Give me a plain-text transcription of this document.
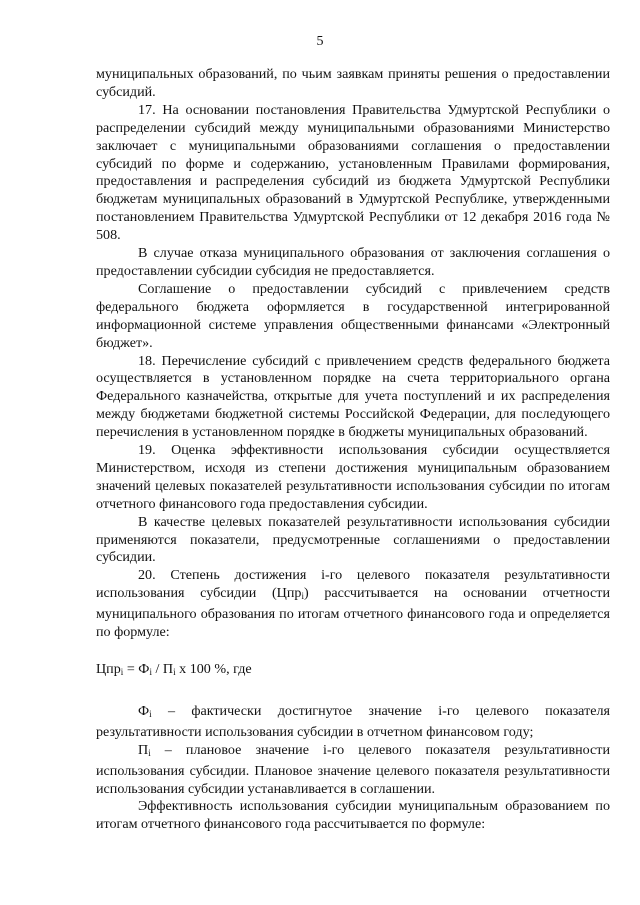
5

муниципальных образований, по чьим заявкам приняты решения о предоставлении субсидий.

17. На основании постановления Правительства Удмуртской Республики о распределении субсидий между муниципальными образованиями Министерство заключает с муниципальными образованиями соглашения о предоставлении субсидий по форме и содержанию, установленным Правилами формирования, предоставления и распределения субсидий из бюджета Удмуртской Республики бюджетам муниципальных образований в Удмуртской Республике, утвержденными постановлением Правительства Удмуртской Республики от 12 декабря 2016 года № 508.

В случае отказа муниципального образования от заключения соглашения о предоставлении субсидии субсидия не предоставляется.

Соглашение о предоставлении субсидий с привлечением средств федерального бюджета оформляется в государственной интегрированной информационной системе управления общественными финансами «Электронный бюджет».

18. Перечисление субсидий с привлечением средств федерального бюджета осуществляется в установленном порядке на счета территориального органа Федерального казначейства, открытые для учета поступлений и их распределения между бюджетами бюджетной системы Российской Федерации, для последующего перечисления в установленном порядке в бюджеты муниципальных образований.

19. Оценка эффективности использования субсидии осуществляется Министерством, исходя из степени достижения муниципальным образованием значений целевых показателей результативности использования субсидии по итогам отчетного финансового года предоставления субсидии.

В качестве целевых показателей результативности использования субсидии применяются показатели, предусмотренные соглашениями о предоставлении субсидии.

20. Степень достижения i-го целевого показателя результативности использования субсидии (Цпр$_i$) рассчитывается на основании отчетности муниципального образования по итогам отчетного финансового года и определяется по формуле:

$Цпр_i = Ф_i / П_i$ x 100 %, где

$Ф_i$ – фактически достигнутое значение i-го целевого показателя результативности использования субсидии в отчетном финансовом году;

$П_i$ – плановое значение i-го целевого показателя результативности использования субсидии. Плановое значение целевого показателя результативности использования субсидии устанавливается в соглашении.

Эффективность использования субсидии муниципальным образованием по итогам отчетного финансового года рассчитывается по формуле:
